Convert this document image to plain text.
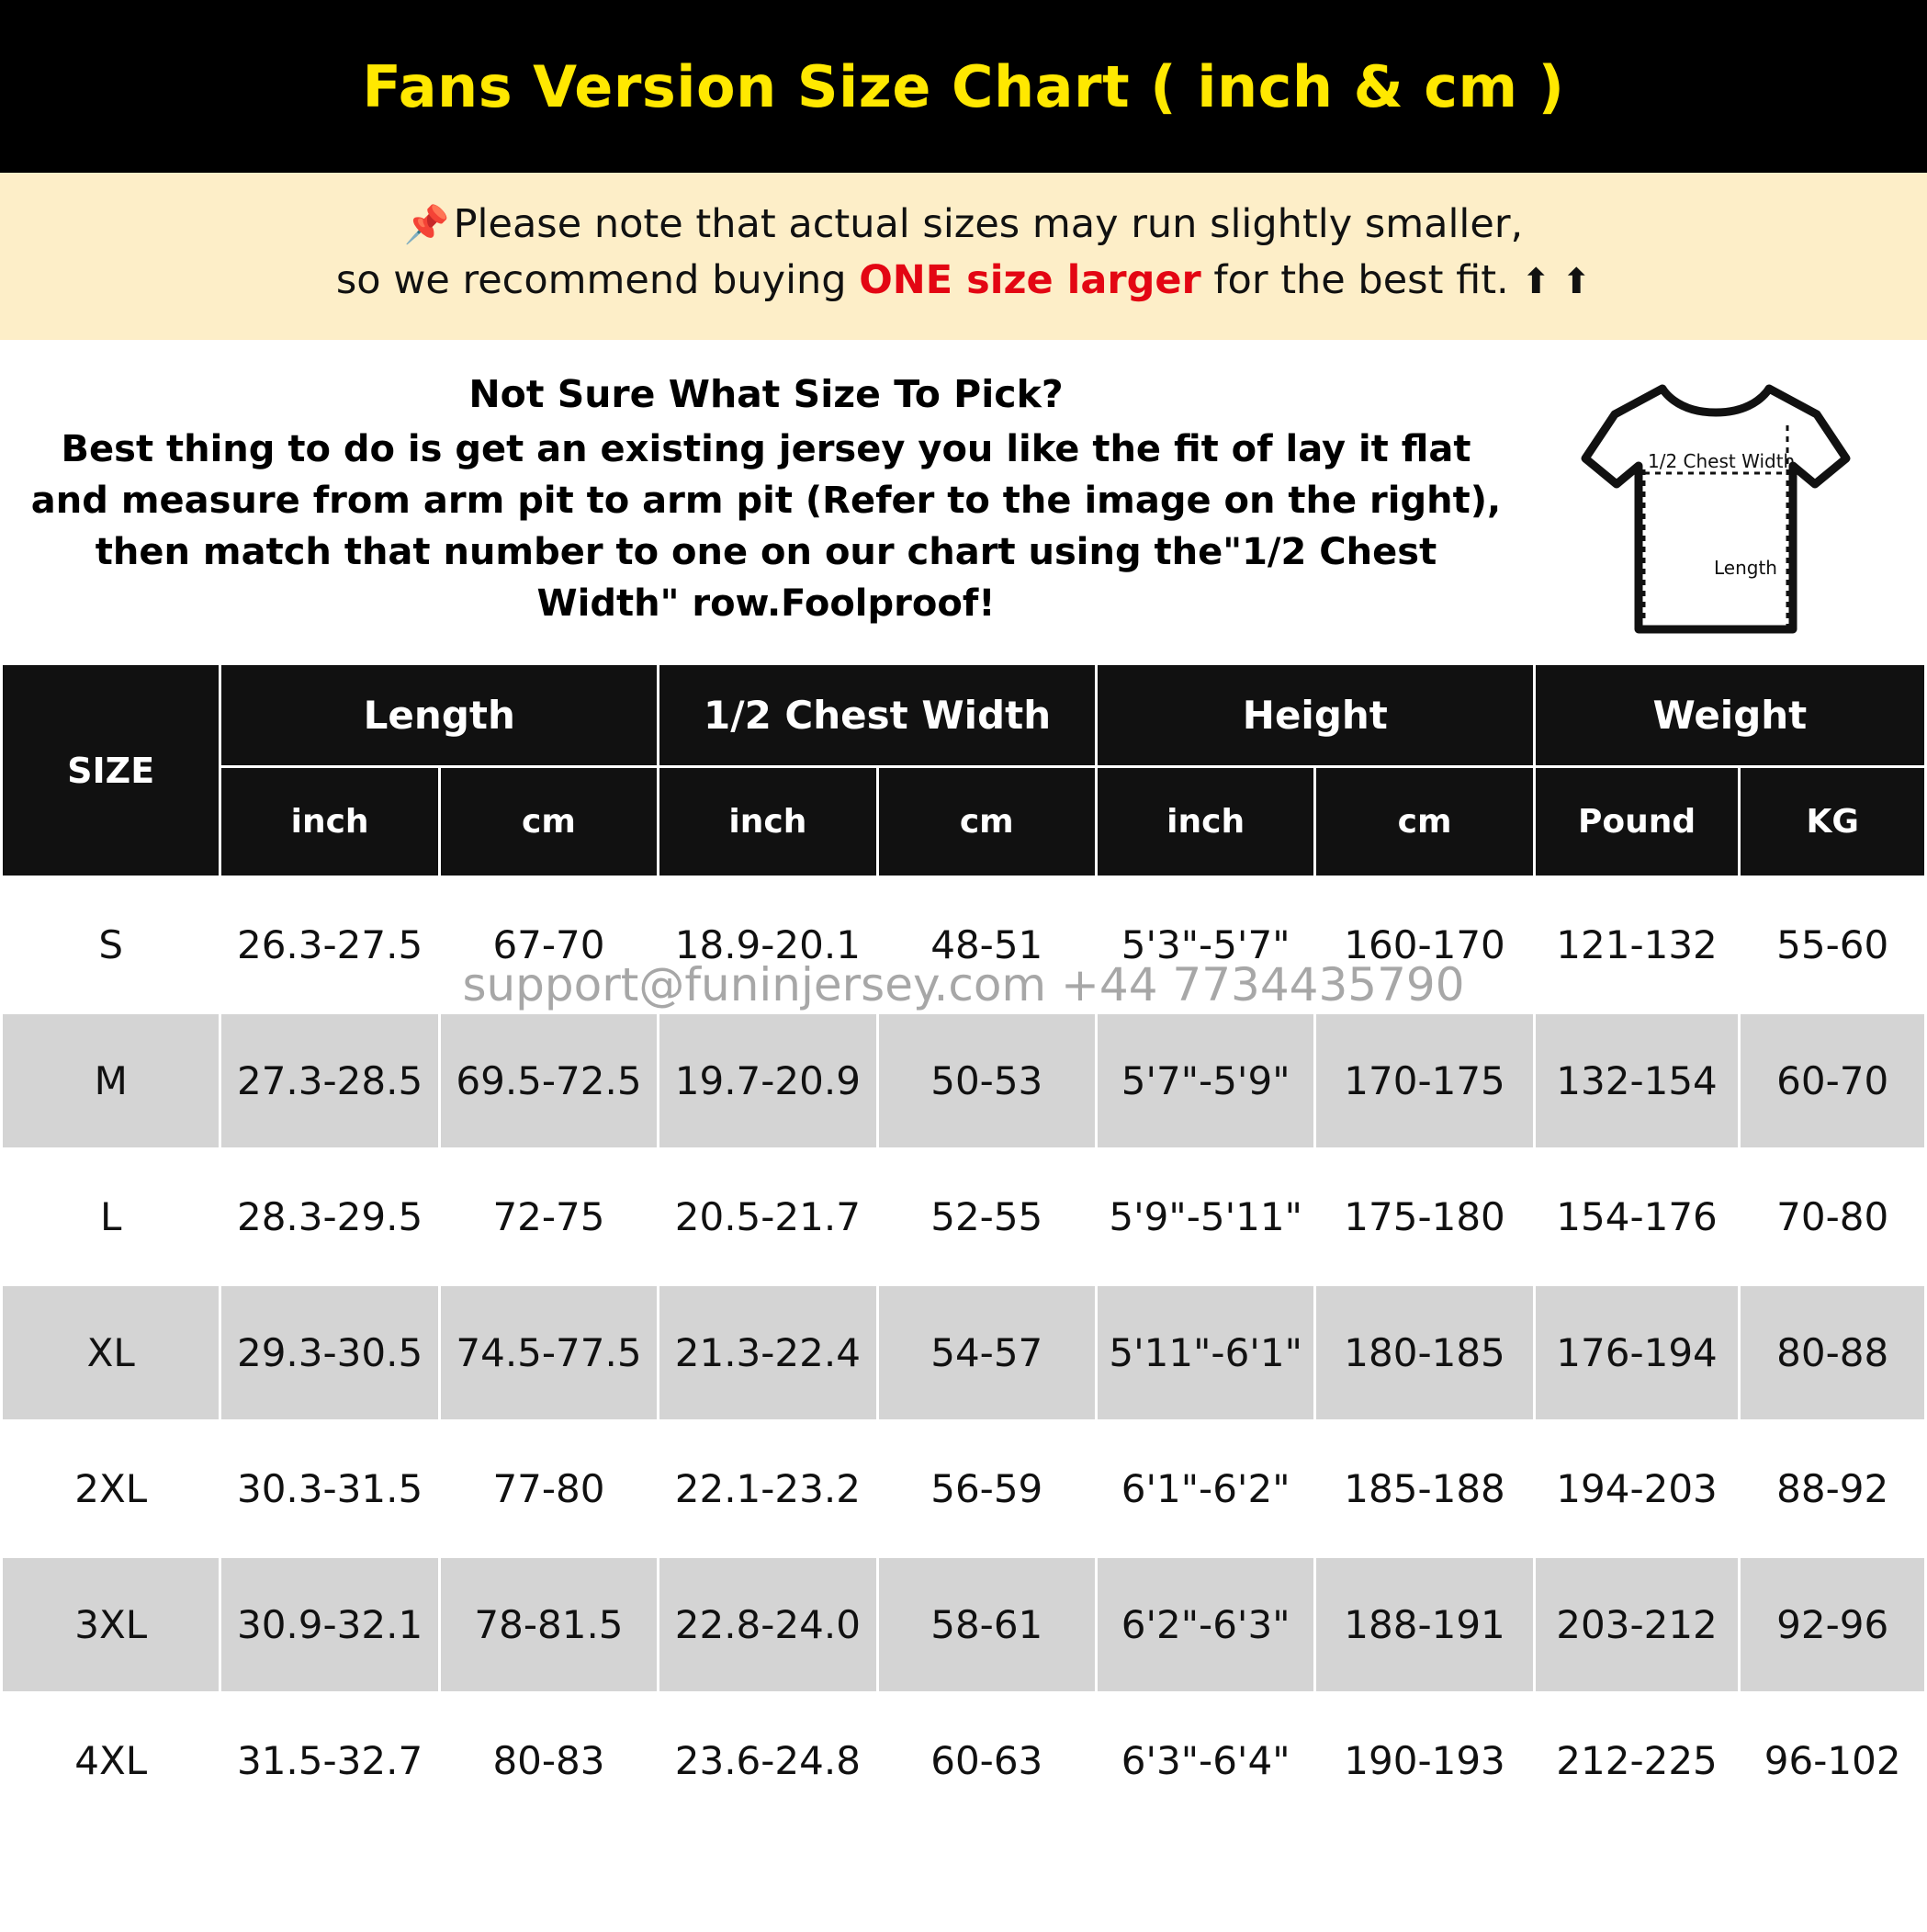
Fans Version Size Chart ( inch & cm )
📌Please note that actual sizes may run slightly smaller,
so we recommend buying ONE size larger for the best fit. ⬆ ⬆
Not Sure What Size To Pick?
Best thing to do is get an existing jersey you like the fit of lay it flat
and measure from arm pit to arm pit (Refer to the image on the right),
then match that number to one on our chart using the"1/2 Chest
Width" row.Foolproof!
1/2 Chest Width
Length
SIZE	Length		1/2 Chest Width		Height		Weight	
	inch	cm	inch	cm	inch	cm	Pound	KG
S	26.3-27.5	67-70	18.9-20.1	48-51	5'3"-5'7"	160-170	121-132	55-60
M	27.3-28.5	69.5-72.5	19.7-20.9	50-53	5'7"-5'9"	170-175	132-154	60-70
L	28.3-29.5	72-75	20.5-21.7	52-55	5'9"-5'11"	175-180	154-176	70-80
XL	29.3-30.5	74.5-77.5	21.3-22.4	54-57	5'11"-6'1"	180-185	176-194	80-88
2XL	30.3-31.5	77-80	22.1-23.2	56-59	6'1"-6'2"	185-188	194-203	88-92
3XL	30.9-32.1	78-81.5	22.8-24.0	58-61	6'2"-6'3"	188-191	203-212	92-96
4XL	31.5-32.7	80-83	23.6-24.8	60-63	6'3"-6'4"	190-193	212-225	96-102
support@funinjersey.com +44 7734435790
